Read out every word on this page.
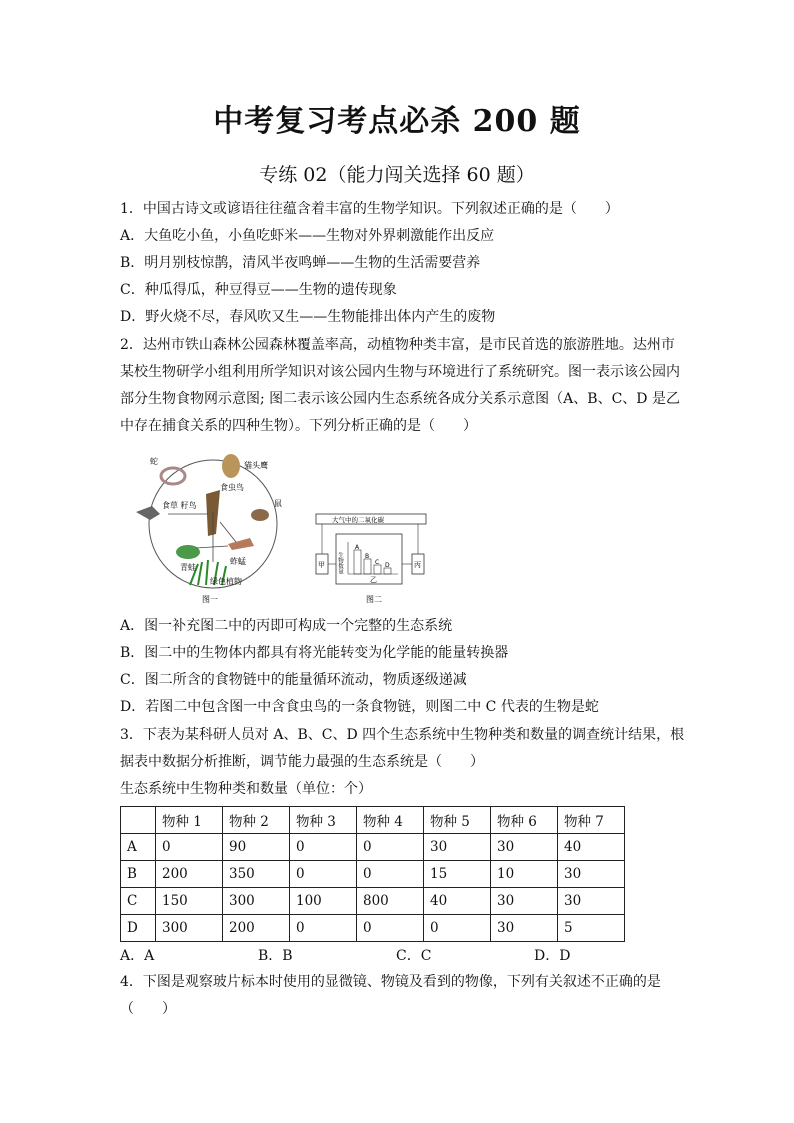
中考复习考点必杀 200 题
专练 02（能力闯关选择 60 题）
1．中国古诗文或谚语往往蕴含着丰富的生物学知识。下列叙述正确的是（　　）
A．大鱼吃小鱼，小鱼吃虾米——生物对外界刺激能作出反应
B．明月别枝惊鹊，清风半夜鸣蝉——生物的生活需要营养
C．种瓜得瓜，种豆得豆——生物的遗传现象
D．野火烧不尽，春风吹又生——生物能排出体内产生的废物
2．达州市铁山森林公园森林覆盖率高，动植物种类丰富，是市民首选的旅游胜地。达州市
某校生物研学小组利用所学知识对该公园内生物与环境进行了系统研究。图一表示该公园内
部分生物食物网示意图; 图二表示该公园内生态系统各成分关系示意图（A、B、C、D 是乙
中存在捕食关系的四种生物）。下列分析正确的是（　　）
蛇	猫头鹰
食草 籽鸟
食虫鸟
鼠
青蛙
蚱蜢
绿色植物
图一
大气中的二氧化碳
甲	丙
生物数量
A
B
C D
乙
图二
A．图一补充图二中的丙即可构成一个完整的生态系统
B．图二中的生物体内都具有将光能转变为化学能的能量转换器
C．图二所含的食物链中的能量循环流动，物质逐级递减
D．若图二中包含图一中含食虫鸟的一条食物链，则图二中 C 代表的生物是蛇
3．下表为某科研人员对 A、B、C、D 四个生态系统中生物种类和数量的调查统计结果，根
据表中数据分析推断，调节能力最强的生态系统是（　　）
生态系统中生物种类和数量（单位：个）
	物种 1	物种 2	物种 3	物种 4	物种 5	物种 6	物种 7
A	0	90	0	0	30	30	40
B	200	350	0	0	15	10	30
C	150	300	100	800	40	30	30
D	300	200	0	0	0	30	5
A．A	B．B	C．C	D．D
4．下图是观察玻片标本时使用的显微镜、物镜及看到的物像，下列有关叙述不正确的是
（　　）
